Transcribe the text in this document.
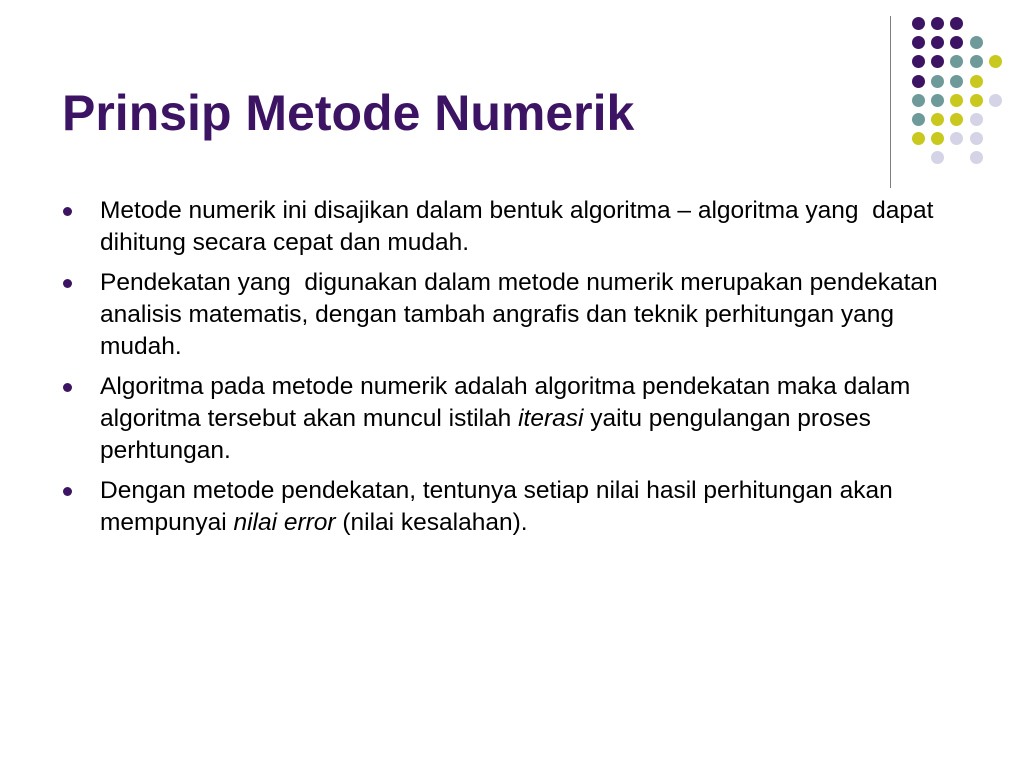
Prinsip Metode Numerik
Metode numerik ini disajikan dalam bentuk algoritma – algoritma yang  dapat dihitung secara cepat dan mudah.
Pendekatan yang  digunakan dalam metode numerik merupakan pendekatan analisis matematis, dengan tambah angrafis dan teknik perhitungan yang mudah.
Algoritma pada metode numerik adalah algoritma pendekatan maka dalam algoritma tersebut akan muncul istilah iterasi yaitu pengulangan proses perhtungan.
Dengan metode pendekatan, tentunya setiap nilai hasil perhitungan akan mempunyai nilai error (nilai kesalahan).
